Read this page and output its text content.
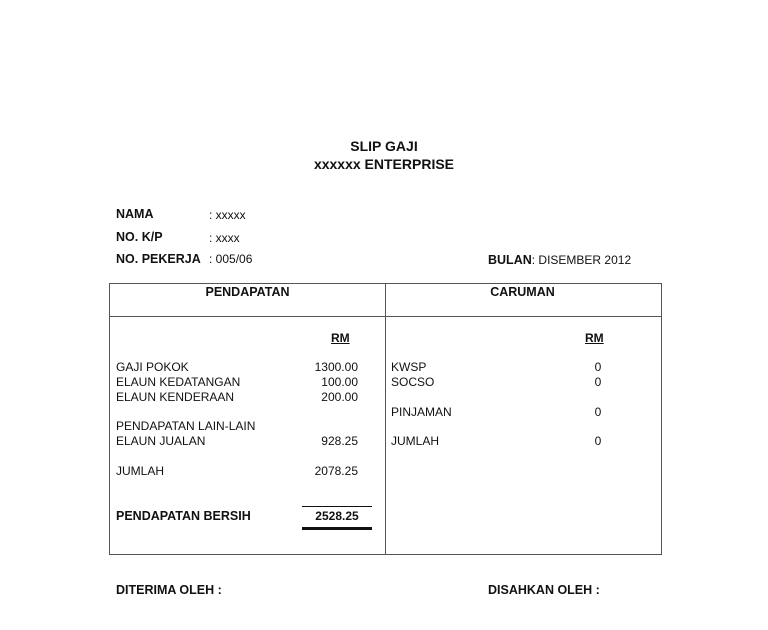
SLIP GAJI
xxxxxx ENTERPRISE
NAMA	: xxxxx
NO. K/P	: xxxx
NO. PEKERJA : 005/06	BULAN: DISEMBER 2012
PENDAPATAN	CARUMAN
RM	RM
GAJI POKOK	1300.00
ELAUN KEDATANGAN	100.00
ELAUN KENDERAAN	200.00
PENDAPATAN LAIN-LAIN
ELAUN JUALAN	928.25
JUMLAH	2078.25
PENDAPATAN BERSIH	2528.25
KWSP	0
SOCSO	0
PINJAMAN	0
JUMLAH	0
DITERIMA OLEH :	DISAHKAN OLEH :
